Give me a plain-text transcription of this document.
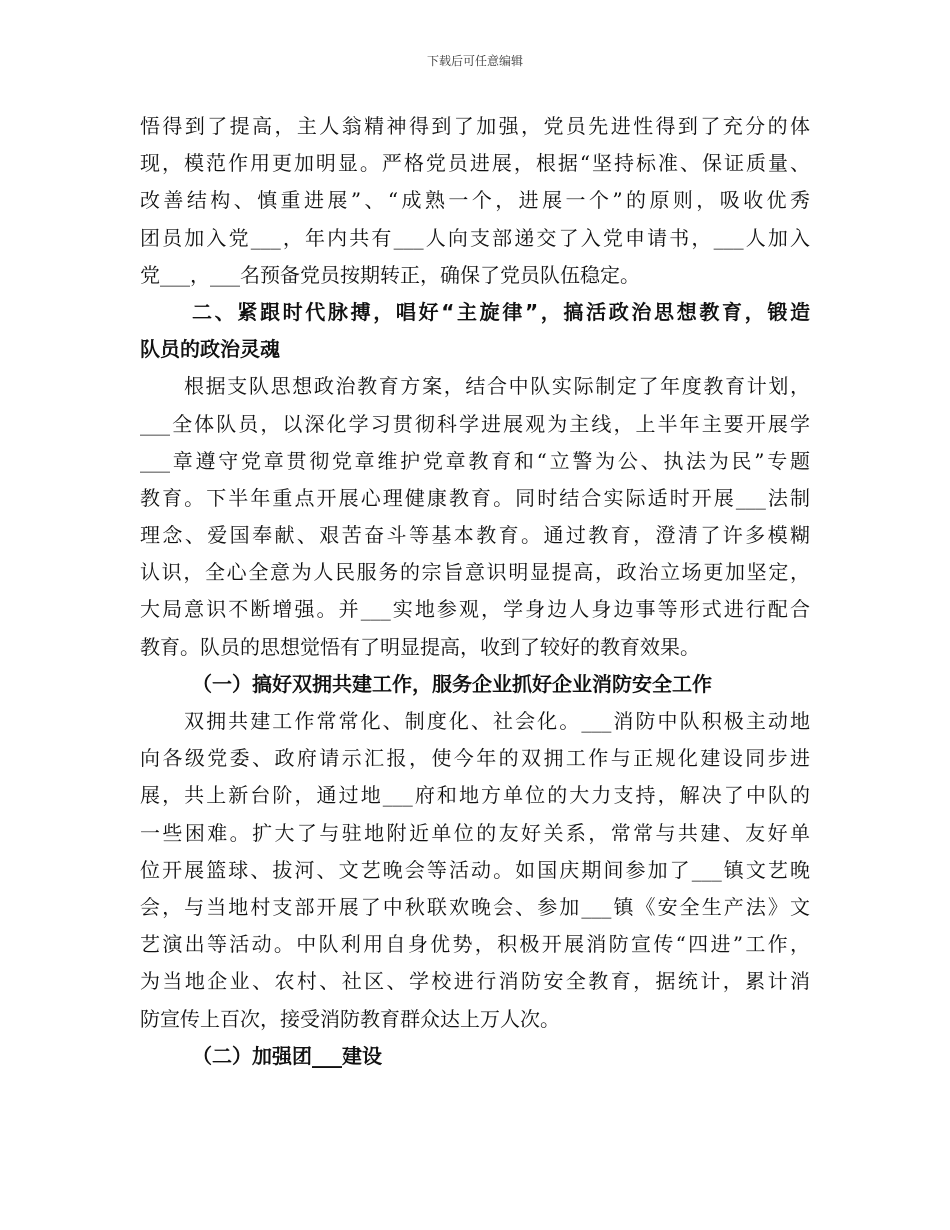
下载后可任意编辑
悟得到了提高，主人翁精神得到了加强，党员先进性得到了充分的体
现，模范作用更加明显。严格党员进展，根据“坚持标准、保证质量、
改善结构、慎重进展”、“成熟一个，进展一个”的原则，吸收优秀
团员加入党___，年内共有___人向支部递交了入党申请书，___人加入
党___，___名预备党员按期转正，确保了党员队伍稳定。
二、紧跟时代脉搏，唱好“主旋律”，搞活政治思想教育，锻造
队员的政治灵魂
根据支队思想政治教育方案，结合中队实际制定了年度教育计划，
___全体队员，以深化学习贯彻科学进展观为主线，上半年主要开展学
___章遵守党章贯彻党章维护党章教育和“立警为公、执法为民”专题
教育。下半年重点开展心理健康教育。同时结合实际适时开展___法制
理念、爱国奉献、艰苦奋斗等基本教育。通过教育，澄清了许多模糊
认识，全心全意为人民服务的宗旨意识明显提高，政治立场更加坚定，
大局意识不断增强。并___实地参观，学身边人身边事等形式进行配合
教育。队员的思想觉悟有了明显提高，收到了较好的教育效果。
（一）搞好双拥共建工作，服务企业抓好企业消防安全工作
双拥共建工作常常化、制度化、社会化。___消防中队积极主动地
向各级党委、政府请示汇报，使今年的双拥工作与正规化建设同步进
展，共上新台阶，通过地___府和地方单位的大力支持，解决了中队的
一些困难。扩大了与驻地附近单位的友好关系，常常与共建、友好单
位开展篮球、拔河、文艺晚会等活动。如国庆期间参加了___镇文艺晚
会，与当地村支部开展了中秋联欢晚会、参加___镇《安全生产法》文
艺演出等活动。中队利用自身优势，积极开展消防宣传“四进”工作，
为当地企业、农村、社区、学校进行消防安全教育，据统计，累计消
防宣传上百次，接受消防教育群众达上万人次。
（二）加强团___建设
